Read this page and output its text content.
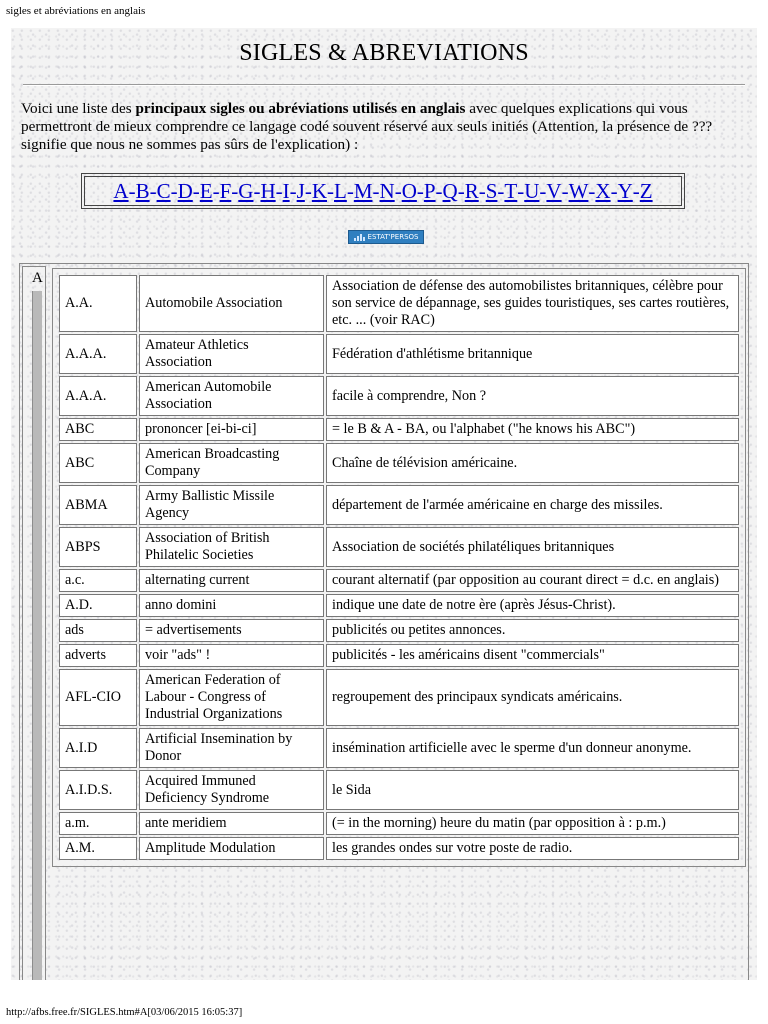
sigles et abréviations en anglais
SIGLES & ABREVIATIONS
Voici une liste des principaux sigles ou abréviations utilisés en anglais avec quelques explications qui vous permettront de mieux comprendre ce langage codé souvent réservé aux seuls initiés (Attention, la présence de ??? signifie que nous ne sommes pas sûrs de l'explication) :
A - B - C - D - E - F - G - H - I - J - K - L - M - N - O - P - Q - R - S - T - U - V - W - X - Y - Z
ESTAT'PERSOS
A
A.A.	Automobile Association	Association de défense des automobilistes britanniques, célèbre pour son service de dépannage, ses guides touristiques, ses cartes routières, etc. ... (voir RAC)
A.A.A.	Amateur Athletics Association	Fédération d'athlétisme britannique
A.A.A.	American Automobile Association	facile à comprendre, Non ?
ABC	prononcer [ei-bi-ci]	= le B & A - BA, ou l'alphabet ("he knows his ABC")
ABC	American Broadcasting Company	Chaîne de télévision américaine.
ABMA	Army Ballistic Missile Agency	département de l'armée américaine en charge des missiles.
ABPS	Association of British Philatelic Societies	Association de sociétés philatéliques britanniques
a.c.	alternating current	courant alternatif (par opposition au courant direct = d.c. en anglais)
A.D.	anno domini	indique une date de notre ère (après Jésus-Christ).
ads	= advertisements	publicités ou petites annonces.
adverts	voir "ads" !	publicités - les américains disent "commercials"
AFL-CIO	American Federation of Labour - Congress of Industrial Organizations	regroupement des principaux syndicats américains.
A.I.D	Artificial Insemination by Donor	insémination artificielle avec le sperme d'un donneur anonyme.
A.I.D.S.	Acquired Immuned Deficiency Syndrome	le Sida
a.m.	ante meridiem	(= in the morning) heure du matin (par opposition à : p.m.)
A.M.	Amplitude Modulation	les grandes ondes sur votre poste de radio.
http://afbs.free.fr/SIGLES.htm#A[03/06/2015 16:05:37]
